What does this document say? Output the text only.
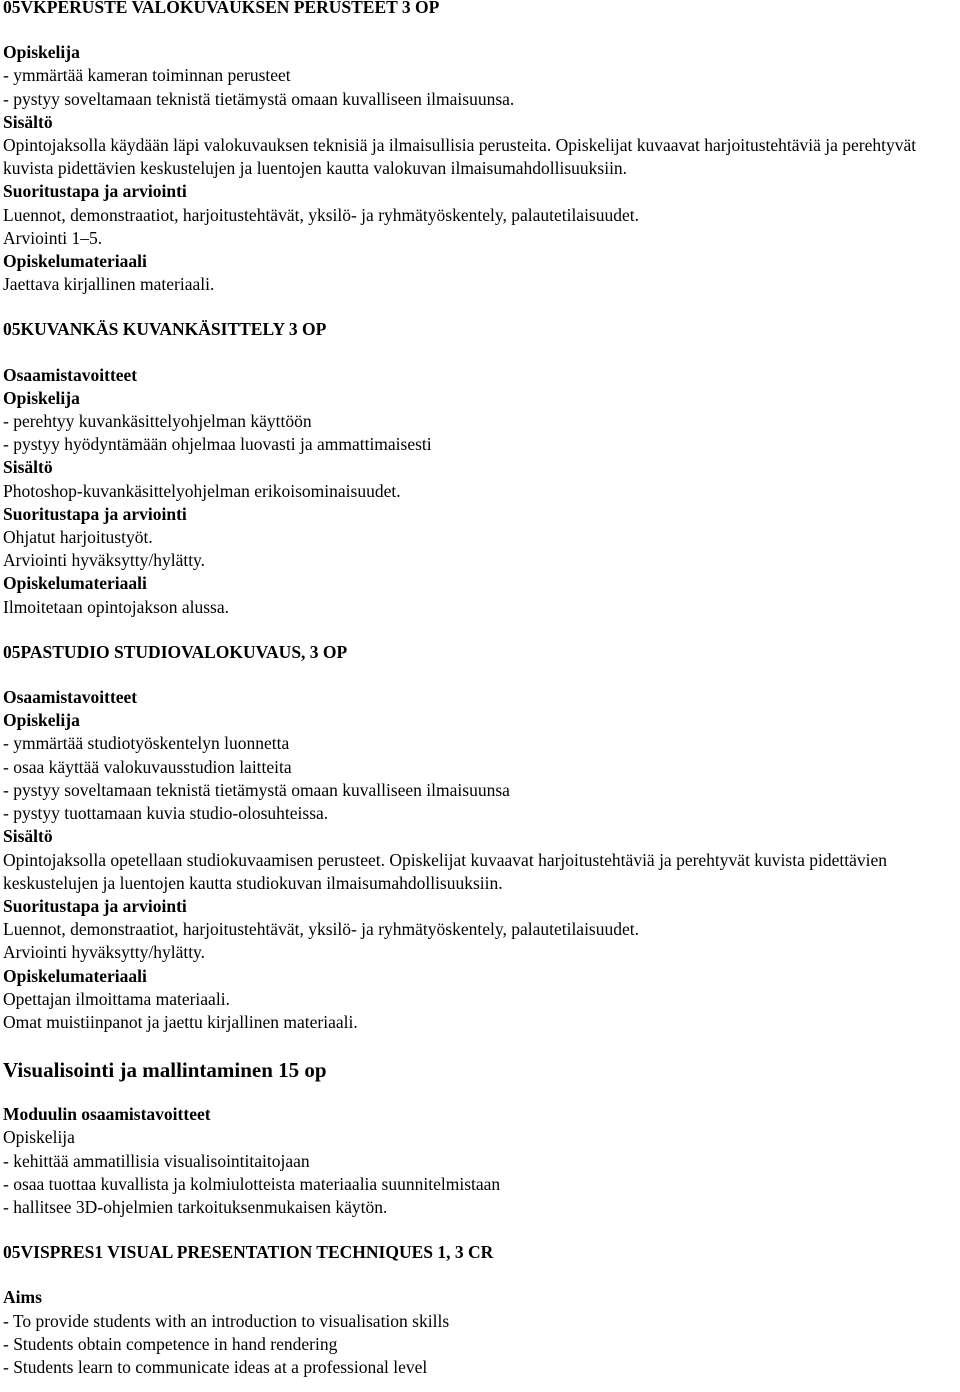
05VKPERUSTE VALOKUVAUKSEN PERUSTEET 3 OP
Opiskelija
- ymmärtää kameran toiminnan perusteet
- pystyy soveltamaan teknistä tietämystä omaan kuvalliseen ilmaisuunsa.
Sisältö
Opintojaksolla käydään läpi valokuvauksen teknisiä ja ilmaisullisia perusteita. Opiskelijat kuvaavat harjoitustehtäviä ja perehtyvät kuvista pidettävien keskustelujen ja luentojen kautta valokuvan ilmaisumahdollisuuksiin.
Suoritustapa ja arviointi
Luennot, demonstraatiot, harjoitustehtävät, yksilö- ja ryhmätyöskentely, palautetilaisuudet.
Arviointi 1–5.
Opiskelumateriaali
Jaettava kirjallinen materiaali.
05KUVANKÄS KUVANKÄSITTELY 3 OP
Osaamistavoitteet
Opiskelija
- perehtyy kuvankäsittelyohjelman käyttöön
- pystyy hyödyntämään ohjelmaa luovasti ja ammattimaisesti
Sisältö
Photoshop-kuvankäsittelyohjelman erikoisominaisuudet.
Suoritustapa ja arviointi
Ohjatut harjoitustyöt.
Arviointi hyväksytty/hylätty.
Opiskelumateriaali
Ilmoitetaan opintojakson alussa.
05PASTUDIO STUDIOVALOKUVAUS, 3 OP
Osaamistavoitteet
Opiskelija
- ymmärtää studiotyöskentelyn luonnetta
- osaa käyttää valokuvausstudion laitteita
- pystyy soveltamaan teknistä tietämystä omaan kuvalliseen ilmaisuunsa
- pystyy tuottamaan kuvia studio-olosuhteissa.
Sisältö
Opintojaksolla opetellaan studiokuvaamisen perusteet. Opiskelijat kuvaavat harjoitustehtäviä ja perehtyvät kuvista pidettävien keskustelujen ja luentojen kautta studiokuvan ilmaisumahdollisuuksiin.
Suoritustapa ja arviointi
Luennot, demonstraatiot, harjoitustehtävät, yksilö- ja ryhmätyöskentely, palautetilaisuudet.
Arviointi hyväksytty/hylätty.
Opiskelumateriaali
Opettajan ilmoittama materiaali.
Omat muistiinpanot ja jaettu kirjallinen materiaali.
Visualisointi ja mallintaminen 15 op
Moduulin osaamistavoitteet
Opiskelija
- kehittää ammatillisia visualisointitaitojaan
- osaa tuottaa kuvallista ja kolmiulotteista materiaalia suunnitelmistaan
- hallitsee 3D-ohjelmien tarkoituksenmukaisen käytön.
05VISPRES1 VISUAL PRESENTATION TECHNIQUES 1, 3 CR
Aims
- To provide students with an introduction to visualisation skills
- Students obtain competence in hand rendering
- Students learn to communicate ideas at a professional level
